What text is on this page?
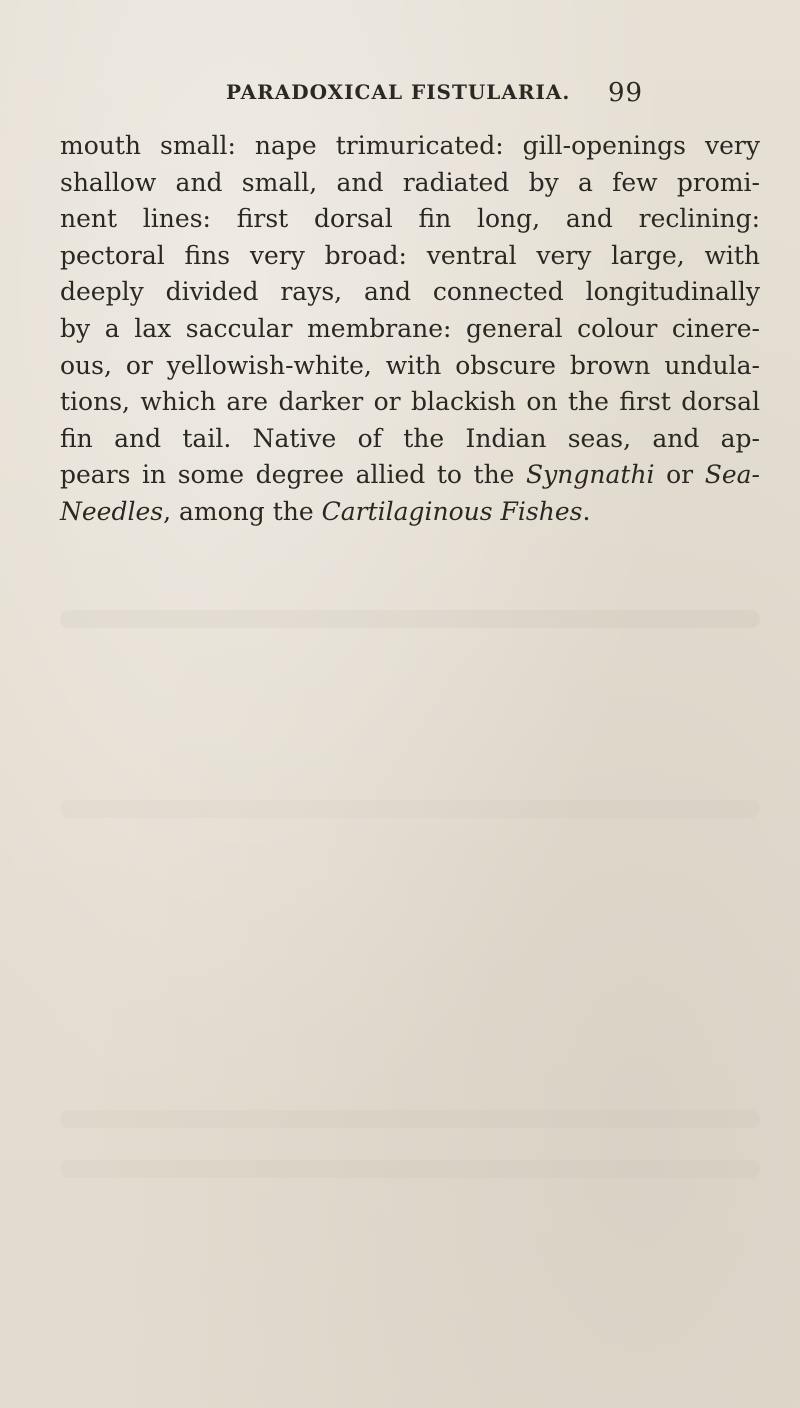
PARADOXICAL FISTULARIA. 99
mouth small: nape trimuricated: gill-openings very
shallow and small, and radiated by a few promi-
nent lines: first dorsal fin long, and reclining:
pectoral fins very broad: ventral very large, with
deeply divided rays, and connected longitudinally
by a lax saccular membrane: general colour cinere-
ous, or yellowish-white, with obscure brown undula-
tions, which are darker or blackish on the first dorsal
fin and tail. Native of the Indian seas, and ap-
pears in some degree allied to the Syngnathi or Sea-
Needles, among the Cartilaginous Fishes.
